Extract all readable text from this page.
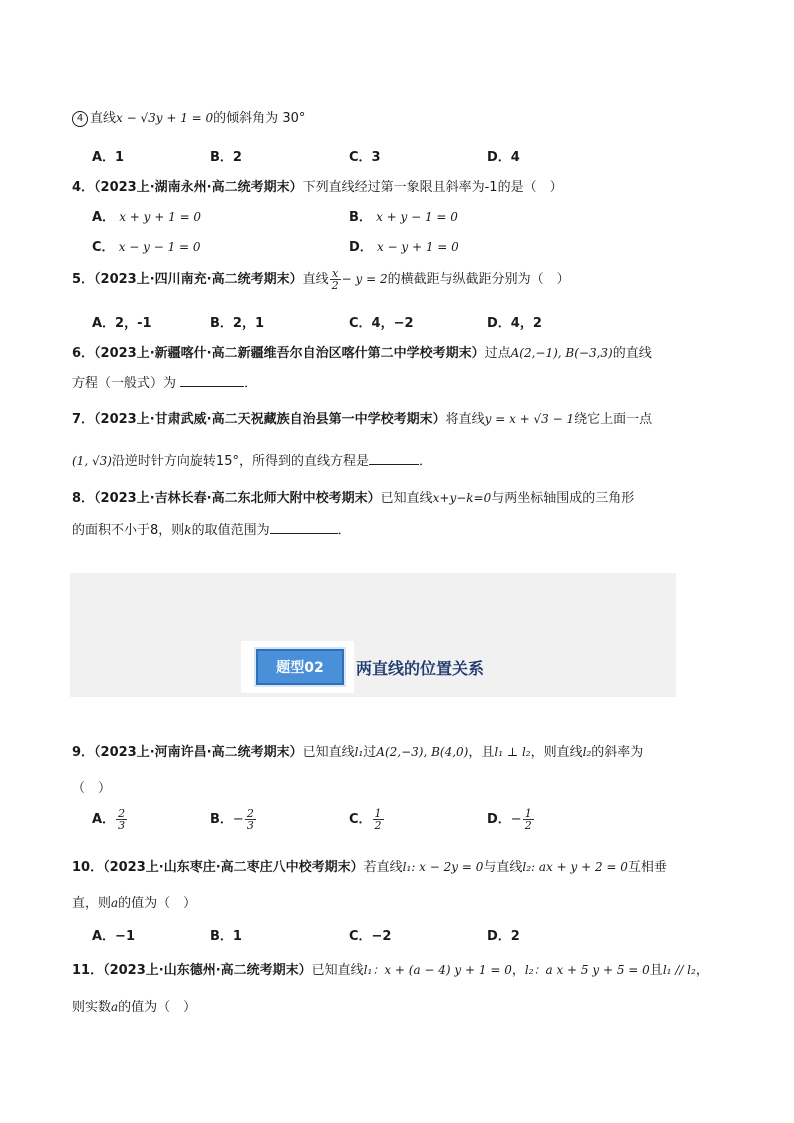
4 直线x − √3y + 1 = 0的倾斜角为 30°
A．1	B．2	C．3	D．4
4．（2023上·湖南永州·高二统考期末）下列直线经过第一象限且斜率为-1的是（　）
A． x + y + 1 = 0	B． x + y − 1 = 0
C． x − y − 1 = 0	D． x − y + 1 = 0
5．（2023上·四川南充·高二统考期末）直线 $\frac{x}{2} - y = 2$的横截距与纵截距分别为（　）
A．2，-1	B．2，1	C．4，−2	D．4，2
6．（2023上·新疆喀什·高二新疆维吾尔自治区喀什第二中学校考期末）过点A(2,−1), B(−3,3)的直线
方程（一般式）为	．
7．（2023上·甘肃武威·高二天祝藏族自治县第一中学校考期末）将直线y = x + √3 − 1绕它上面一点
(1, √3)沿逆时针方向旋转15°，所得到的直线方程是	．
8．（2023上·吉林长春·高二东北师大附中校考期末）已知直线x+y−k=0与两坐标轴围成的三角形
的面积不小于8，则k的取值范围为	．
题型02	两直线的位置关系
9．（2023上·河南许昌·高二统考期末）已知直线l₁过A(2,−3), B(4,0)，且l₁ ⊥ l₂，则直线l₂的斜率为
（　）
A． $\frac{2}{3}$	B．− $\frac{2}{3}$	C． $\frac{1}{2}$	D．− $\frac{1}{2}$
10．（2023上·山东枣庄·高二枣庄八中校考期末）若直线l₁: x − 2y = 0与直线l₂: ax + y + 2 = 0互相垂
直，则a的值为（　）
A．−1	B．1	C．−2	D．2
11．（2023上·山东德州·高二统考期末）已知直线l₁：x + (a − 4) y + 1 = 0，l₂：a x + 5 y + 5 = 0且l₁ // l₂，
则实数a的值为（　）
